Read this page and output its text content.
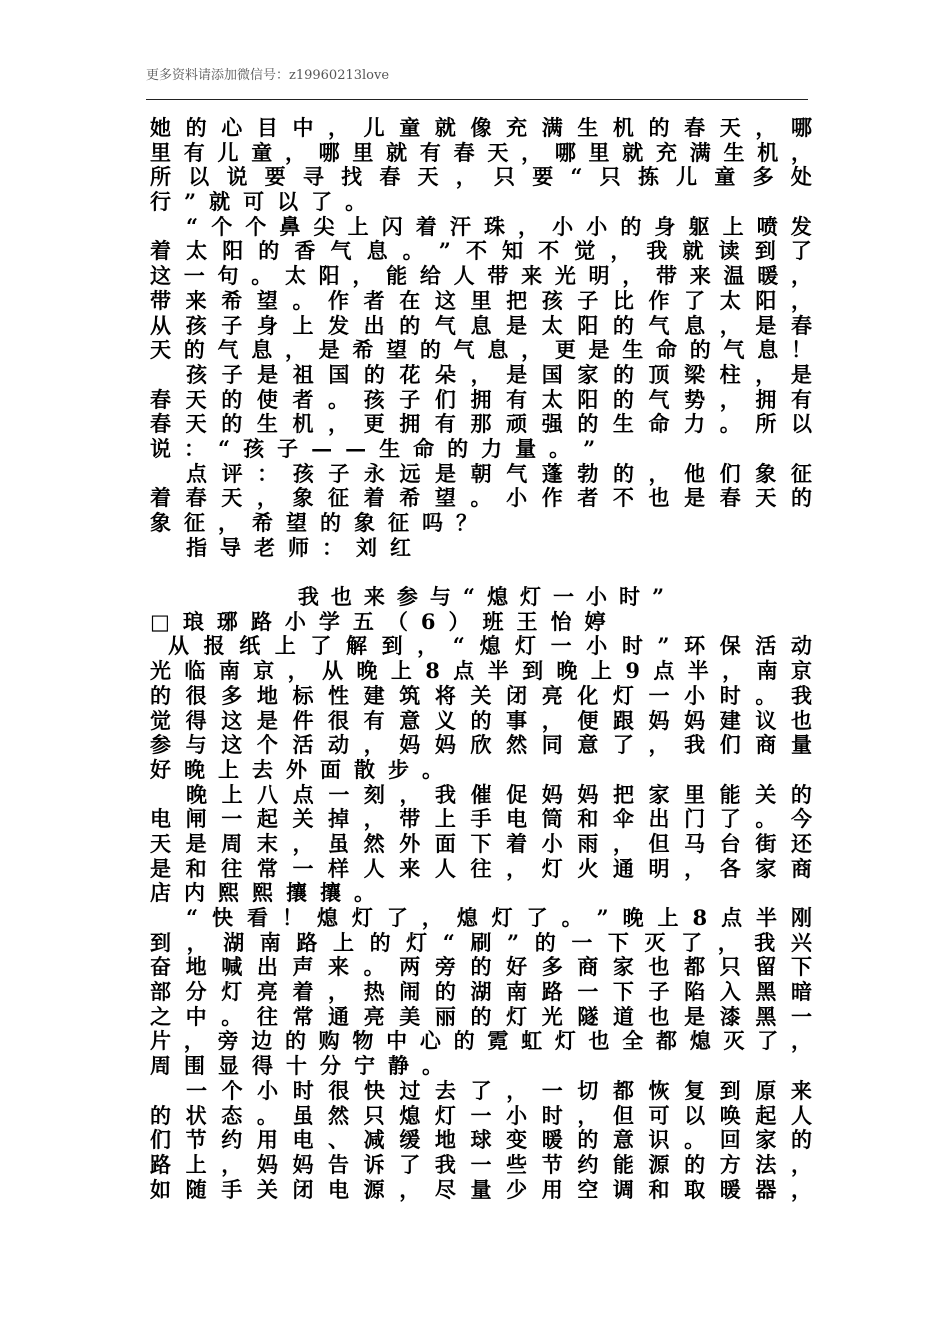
更多资料请添加微信号：z19960213love
她 的 心 目 中 ， 儿 童 就 像 充 满 生 机 的 春 天 ， 哪
里 有 儿 童 ， 哪 里 就 有 春 天 ， 哪 里 就 充 满 生 机 ，
所 以 说 要 寻 找 春 天 ， 只 要 “ 只 拣 儿 童 多 处
行 ” 就 可 以 了 。
“ 个 个 鼻 尖 上 闪 着 汗 珠 ， 小 小 的 身 躯 上 喷 发
着 太 阳 的 香 气 息 。 ” 不 知 不 觉 ， 我 就 读 到 了
这 一 句 。 太 阳 ， 能 给 人 带 来 光 明 ， 带 来 温 暖 ，
带 来 希 望 。 作 者 在 这 里 把 孩 子 比 作 了 太 阳 ，
从 孩 子 身 上 发 出 的 气 息 是 太 阳 的 气 息 ， 是 春
天 的 气 息 ， 是 希 望 的 气 息 ， 更 是 生 命 的 气 息 ！
孩 子 是 祖 国 的 花 朵 ， 是 国 家 的 顶 梁 柱 ， 是
春 天 的 使 者 。 孩 子 们 拥 有 太 阳 的 气 势 ， 拥 有
春 天 的 生 机 ， 更 拥 有 那 顽 强 的 生 命 力 。 所 以
说 ： “ 孩 子 — — 生 命 的 力 量 。 ”
点 评 ： 孩 子 永 远 是 朝 气 蓬 勃 的 ， 他 们 象 征
着 春 天 ， 象 征 着 希 望 。 小 作 者 不 也 是 春 天 的
象 征 ， 希 望 的 象 征 吗 ？
指 导 老 师 ： 刘 红
我 也 来 参 与 “ 熄 灯 一 小 时 ”
□ 琅 琊 路 小 学 五 （ 6 ） 班 王 怡 婷
从 报 纸 上 了 解 到 ， “ 熄 灯 一 小 时 ” 环 保 活 动
光 临 南 京 ， 从 晚 上 8 点 半 到 晚 上 9 点 半 ， 南 京
的 很 多 地 标 性 建 筑 将 关 闭 亮 化 灯 一 小 时 。 我
觉 得 这 是 件 很 有 意 义 的 事 ， 便 跟 妈 妈 建 议 也
参 与 这 个 活 动 ， 妈 妈 欣 然 同 意 了 ， 我 们 商 量
好 晚 上 去 外 面 散 步 。
晚 上 八 点 一 刻 ， 我 催 促 妈 妈 把 家 里 能 关 的
电 闸 一 起 关 掉 ， 带 上 手 电 筒 和 伞 出 门 了 。 今
天 是 周 末 ， 虽 然 外 面 下 着 小 雨 ， 但 马 台 街 还
是 和 往 常 一 样 人 来 人 往 ， 灯 火 通 明 ， 各 家 商
店 内 熙 熙 攘 攘 。
“ 快 看 ！ 熄 灯 了 ， 熄 灯 了 。 ” 晚 上 8 点 半 刚
到 ， 湖 南 路 上 的 灯 “ 刷 ” 的 一 下 灭 了 ， 我 兴
奋 地 喊 出 声 来 。 两 旁 的 好 多 商 家 也 都 只 留 下
部 分 灯 亮 着 ， 热 闹 的 湖 南 路 一 下 子 陷 入 黑 暗
之 中 。 往 常 通 亮 美 丽 的 灯 光 隧 道 也 是 漆 黑 一
片 ， 旁 边 的 购 物 中 心 的 霓 虹 灯 也 全 都 熄 灭 了 ，
周 围 显 得 十 分 宁 静 。
一 个 小 时 很 快 过 去 了 ， 一 切 都 恢 复 到 原 来
的 状 态 。 虽 然 只 熄 灯 一 小 时 ， 但 可 以 唤 起 人
们 节 约 用 电 、 减 缓 地 球 变 暖 的 意 识 。 回 家 的
路 上 ， 妈 妈 告 诉 了 我 一 些 节 约 能 源 的 方 法 ，
如 随 手 关 闭 电 源 ， 尽 量 少 用 空 调 和 取 暖 器 ，
